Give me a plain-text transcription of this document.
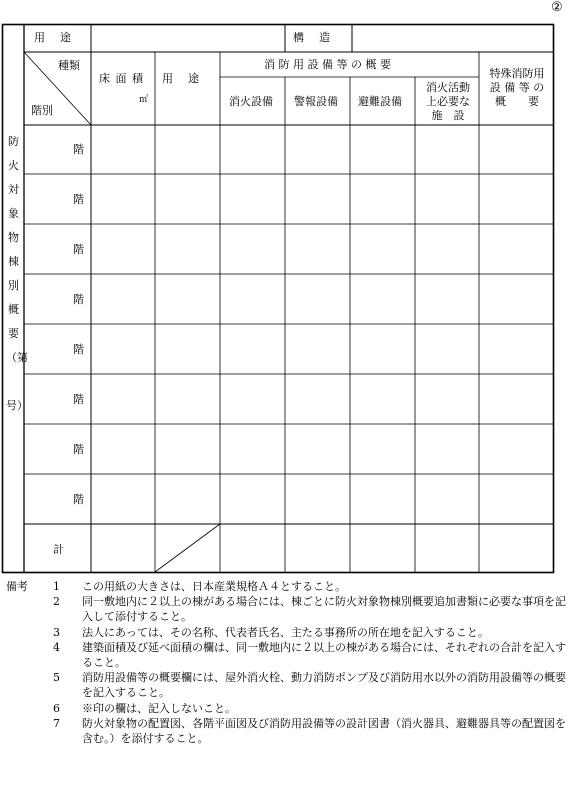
②
防
火
対
象
物
棟
別
概
要
（第
号）
用　途	構　造
種類
階別
床 面 積
㎡
用　途
消 防 用 設 備 等 の 概 要
消火設備 警報設備 避難設備
消火活動
上必要な
施　設
特殊消防用
設 備 等 の
概　　要
階
階
階
階
階
階
階
階
計
備考 1 この用紙の大きさは、日本産業規格Ａ４とすること。
2 同一敷地内に２以上の棟がある場合には、棟ごとに防火対象物棟別概要追加書類に必要な事項を記入して添付すること。
3 法人にあっては、その名称、代表者氏名、主たる事務所の所在地を記入すること。
4 建築面積及び延べ面積の欄は、同一敷地内に２以上の棟がある場合には、それぞれの合計を記入すること。
5 消防用設備等の概要欄には、屋外消火栓、動力消防ポンプ及び消防用水以外の消防用設備等の概要を記入すること。
6 ※印の欄は、記入しないこと。
7 防火対象物の配置図、各階平面図及び消防用設備等の設計図書（消火器具、避難器具等の配置図を含む。）を添付すること。
